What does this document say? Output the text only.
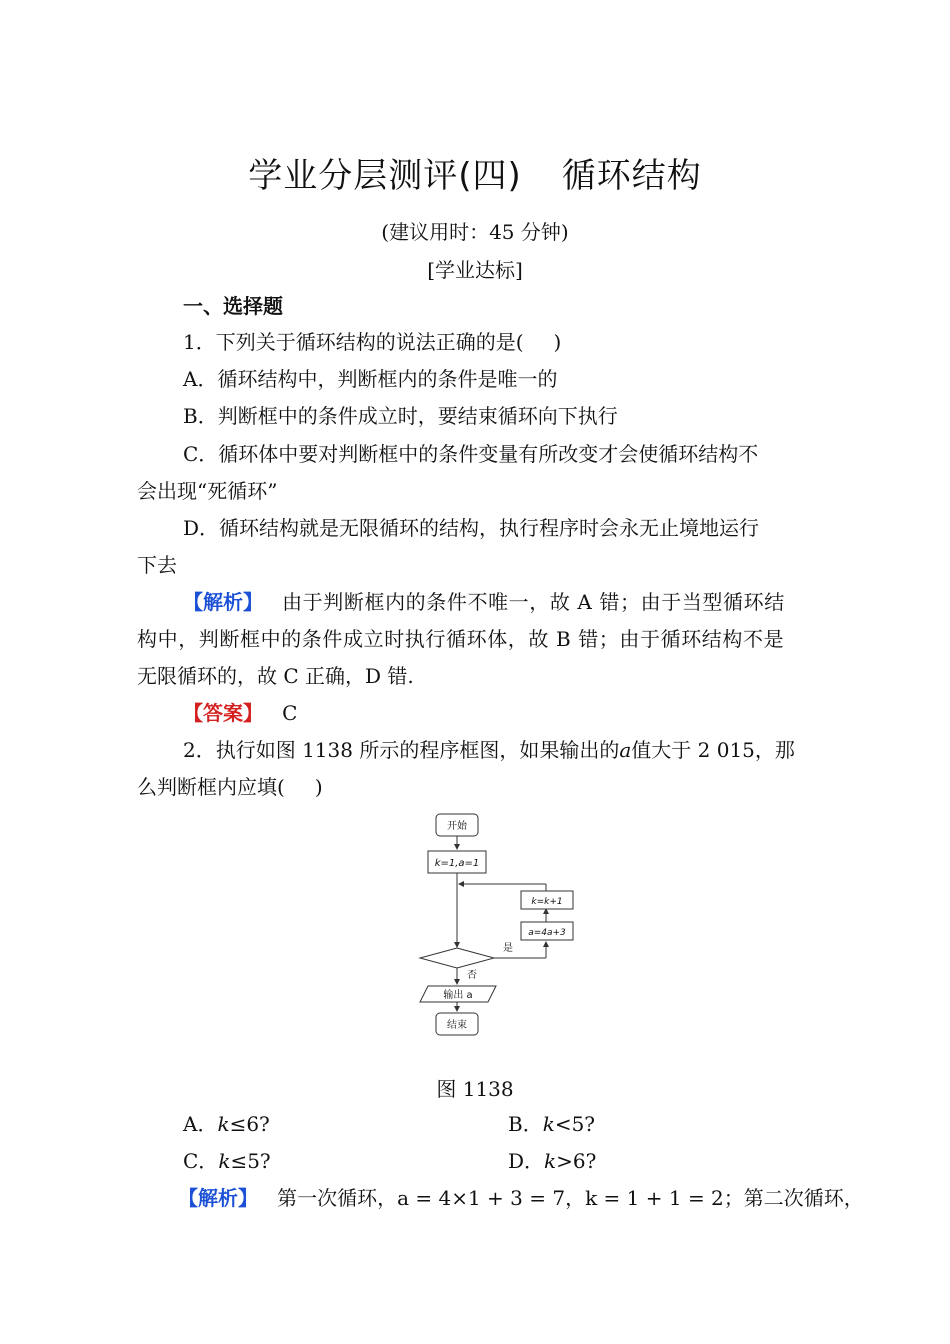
学业分层测评(四) 循环结构
(建议用时：45 分钟)
[学业达标]
一、选择题
1．下列关于循环结构的说法正确的是( )
A．循环结构中，判断框内的条件是唯一的
B．判断框中的条件成立时，要结束循环向下执行
C．循环体中要对判断框中的条件变量有所改变才会使循环结构不
会出现“死循环”
D．循环结构就是无限循环的结构，执行程序时会永无止境地运行
下去
【解析】 由于判断框内的条件不唯一，故 A 错；由于当型循环结
构中，判断框中的条件成立时执行循环体，故 B 错；由于循环结构不是
无限循环的，故 C 正确，D 错.
【答案】 C
2．执行如图 1138 所示的程序框图，如果输出的a值大于 2 015，那
么判断框内应填( )
开始
k=1,a=1
k=k+1
a=4a+3
是
否
输出 a
结束
图 1138
A．k≤6?	B．k<5?
C．k≤5?	D．k>6?
【解析】 第一次循环，a = 4×1 + 3 = 7，k = 1 + 1 = 2；第二次循环，
